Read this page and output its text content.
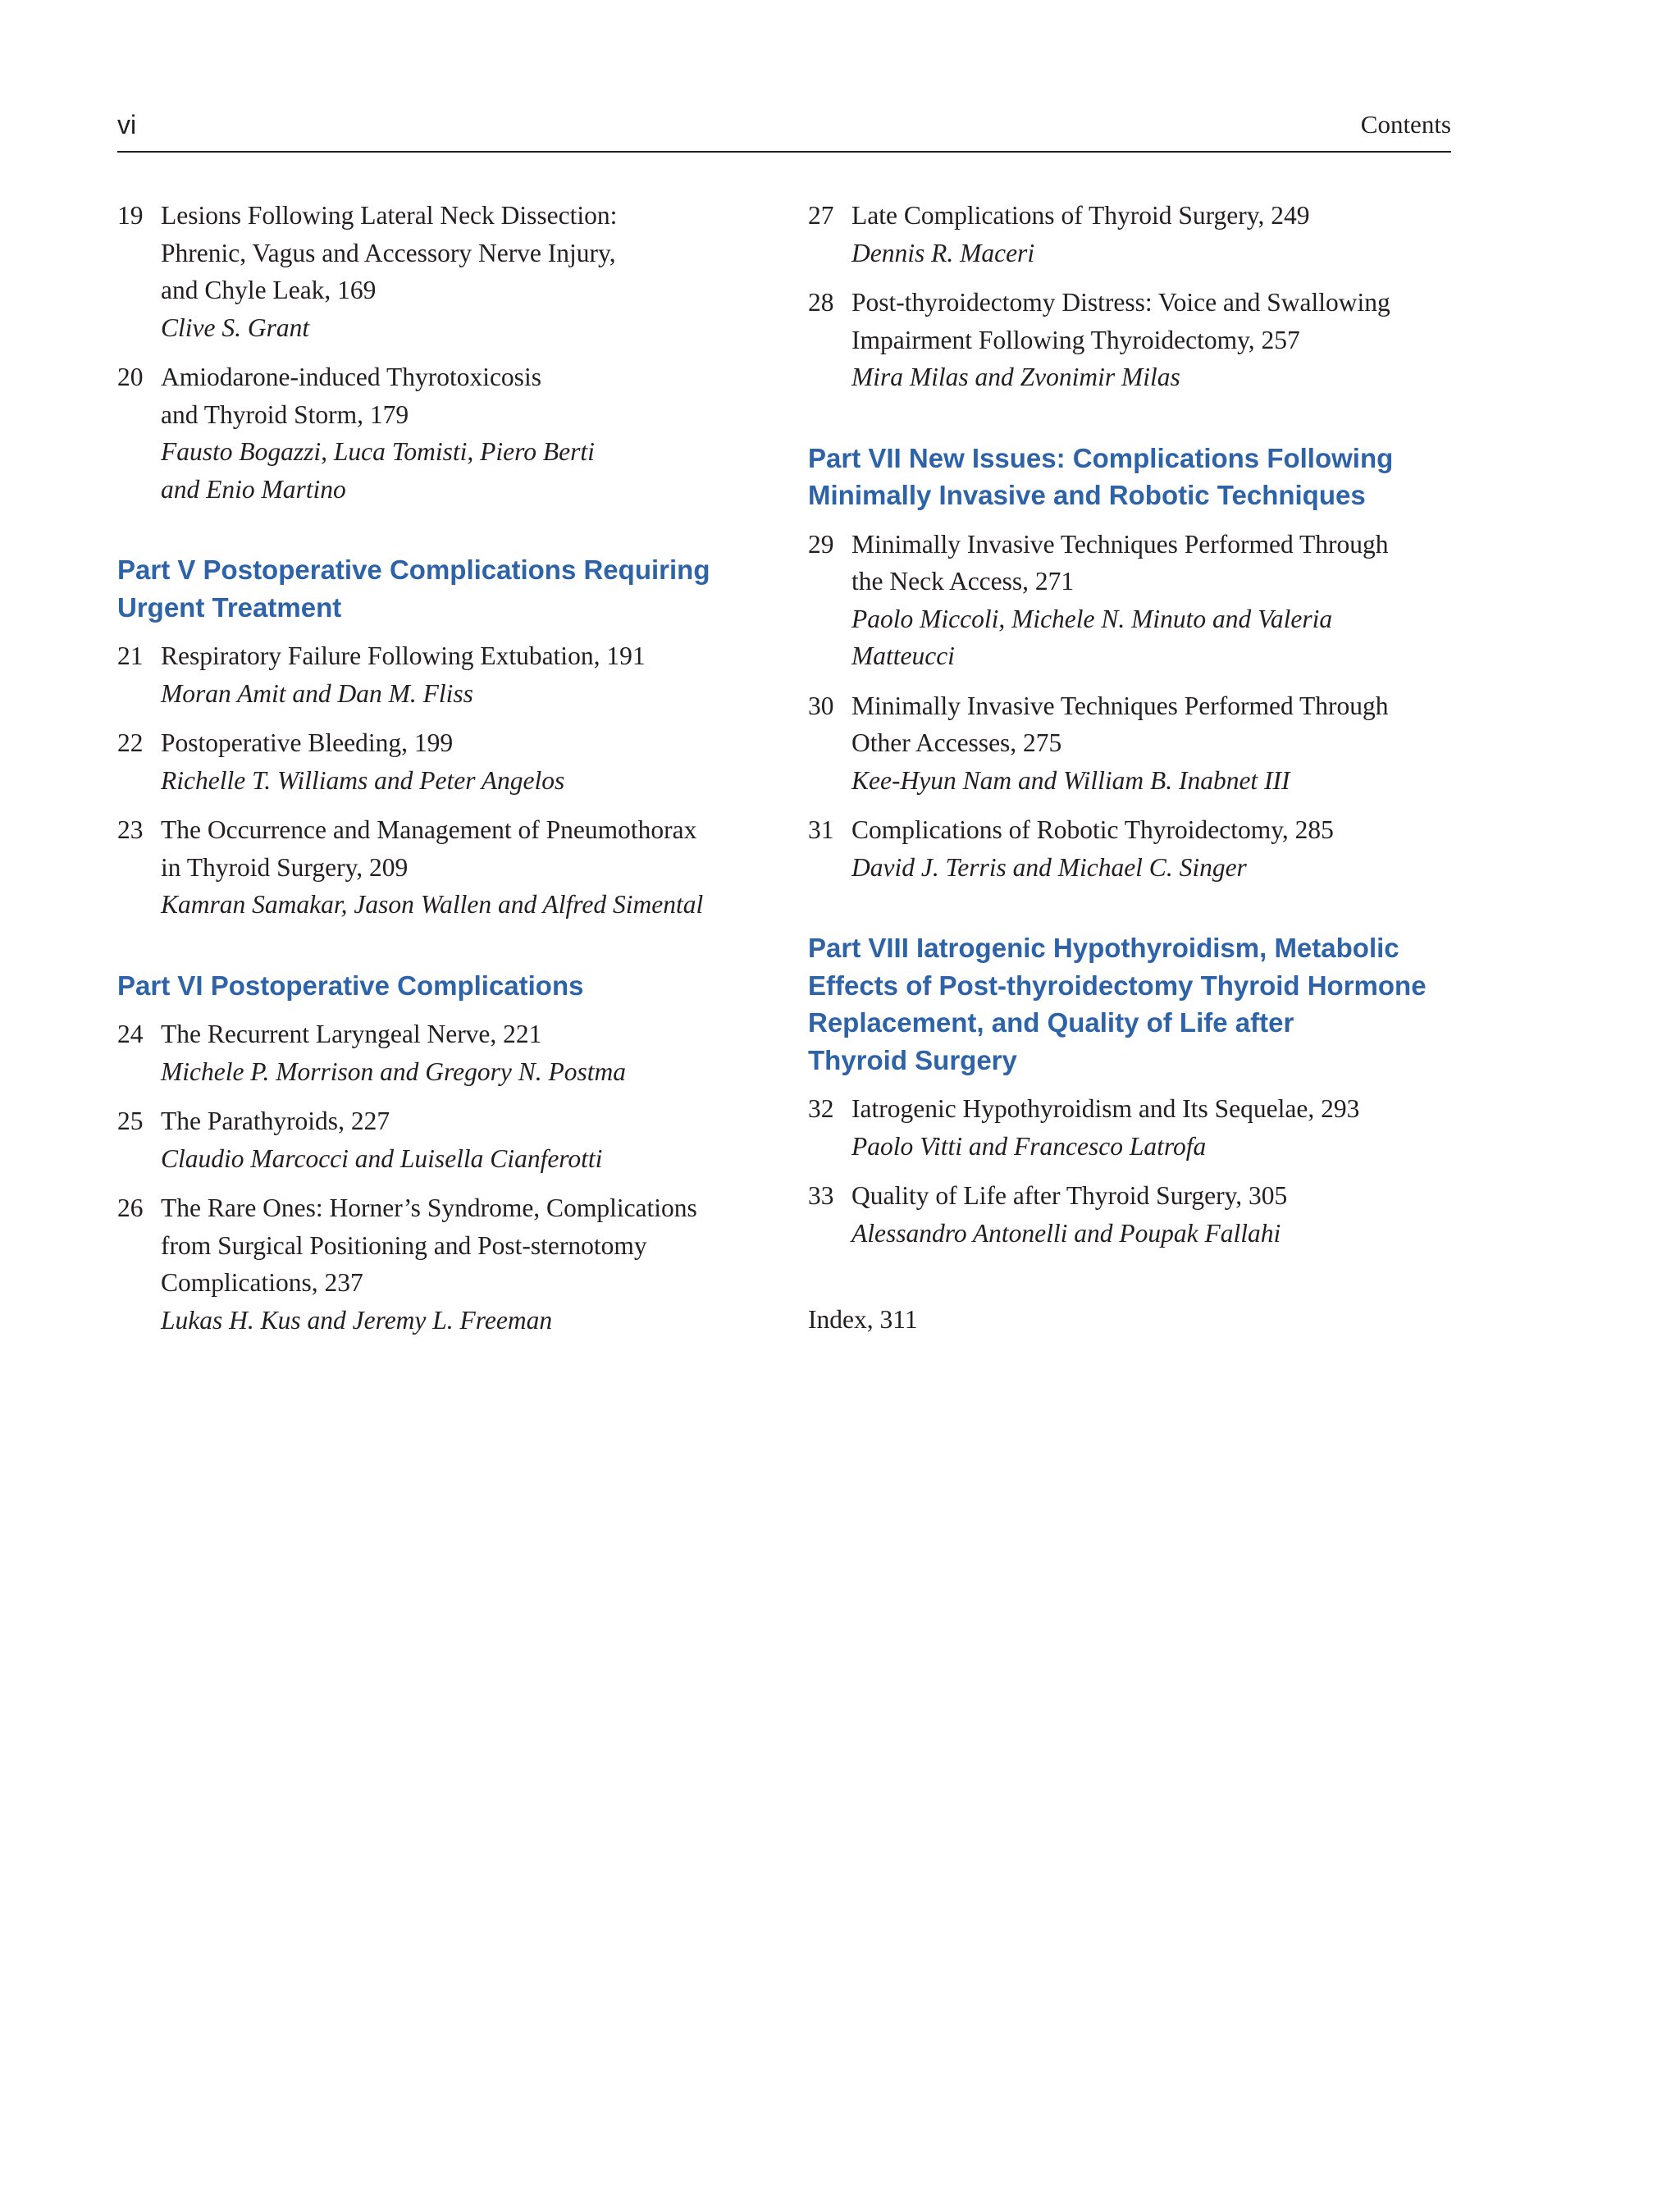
vi	Contents
19 Lesions Following Lateral Neck Dissection:
Phrenic, Vagus and Accessory Nerve Injury,
and Chyle Leak, 169
Clive S. Grant
20 Amiodarone-induced Thyrotoxicosis
and Thyroid Storm, 179
Fausto Bogazzi, Luca Tomisti, Piero Berti
and Enio Martino
Part V Postoperative Complications Requiring
Urgent Treatment
21 Respiratory Failure Following Extubation, 191
Moran Amit and Dan M. Fliss
22 Postoperative Bleeding, 199
Richelle T. Williams and Peter Angelos
23 The Occurrence and Management of Pneumothorax
in Thyroid Surgery, 209
Kamran Samakar, Jason Wallen and Alfred Simental
Part VI Postoperative Complications
24 The Recurrent Laryngeal Nerve, 221
Michele P. Morrison and Gregory N. Postma
25 The Parathyroids, 227
Claudio Marcocci and Luisella Cianferotti
26 The Rare Ones: Horner’s Syndrome, Complications
from Surgical Positioning and Post-sternotomy
Complications, 237
Lukas H. Kus and Jeremy L. Freeman
27 Late Complications of Thyroid Surgery, 249
Dennis R. Maceri
28 Post-thyroidectomy Distress: Voice and Swallowing
Impairment Following Thyroidectomy, 257
Mira Milas and Zvonimir Milas
Part VII New Issues: Complications Following
Minimally Invasive and Robotic Techniques
29 Minimally Invasive Techniques Performed Through
the Neck Access, 271
Paolo Miccoli, Michele N. Minuto and Valeria
Matteucci
30 Minimally Invasive Techniques Performed Through
Other Accesses, 275
Kee-Hyun Nam and William B. Inabnet III
31 Complications of Robotic Thyroidectomy, 285
David J. Terris and Michael C. Singer
Part VIII Iatrogenic Hypothyroidism, Metabolic
Effects of Post-thyroidectomy Thyroid Hormone
Replacement, and Quality of Life after
Thyroid Surgery
32 Iatrogenic Hypothyroidism and Its Sequelae, 293
Paolo Vitti and Francesco Latrofa
33 Quality of Life after Thyroid Surgery, 305
Alessandro Antonelli and Poupak Fallahi
Index, 311
